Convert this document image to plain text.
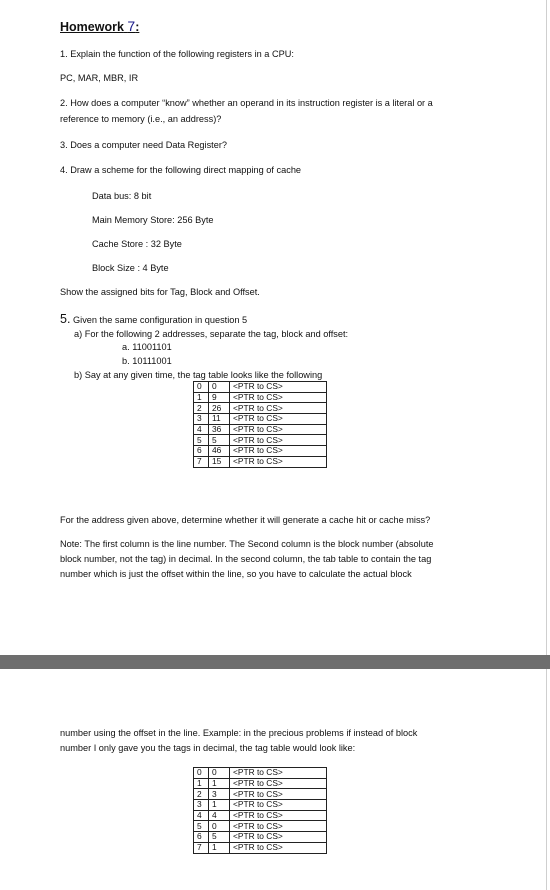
Homework 7:
1. Explain the function of the following registers in a CPU:
PC, MAR, MBR, IR
2. How does a computer “know” whether an operand in its instruction register is a literal or a
reference to memory (i.e., an address)?
3. Does a computer need Data Register?
4. Draw a scheme for the following direct mapping of cache
Data bus: 8 bit
Main Memory Store: 256 Byte
Cache Store : 32 Byte
Block Size : 4 Byte
Show the assigned bits for Tag, Block and Offset.
5. Given the same configuration in question 5
a) For the following 2 addresses, separate the tag, block and offset:
a. 11001101
b. 10111001
b) Say at any given time, the tag table looks like the following
0	0	<PTR to CS>
1	9	<PTR to CS>
2	26	<PTR to CS>
3	11	<PTR to CS>
4	36	<PTR to CS>
5	5	<PTR to CS>
6	46	<PTR to CS>
7	15	<PTR to CS>
For the address given above, determine whether it will generate a cache hit or cache miss?
Note: The first column is the line number. The Second column is the block number (absolute
block number, not the tag) in decimal. In the second column, the tab table to contain the tag
number which is just the offset within the line, so you have to calculate the actual block
number using the offset in the line. Example: in the precious problems if instead of block
number I only gave you the tags in decimal, the tag table would look like:
0	0	<PTR to CS>
1	1	<PTR to CS>
2	3	<PTR to CS>
3	1	<PTR to CS>
4	4	<PTR to CS>
5	0	<PTR to CS>
6	5	<PTR to CS>
7	1	<PTR to CS>
